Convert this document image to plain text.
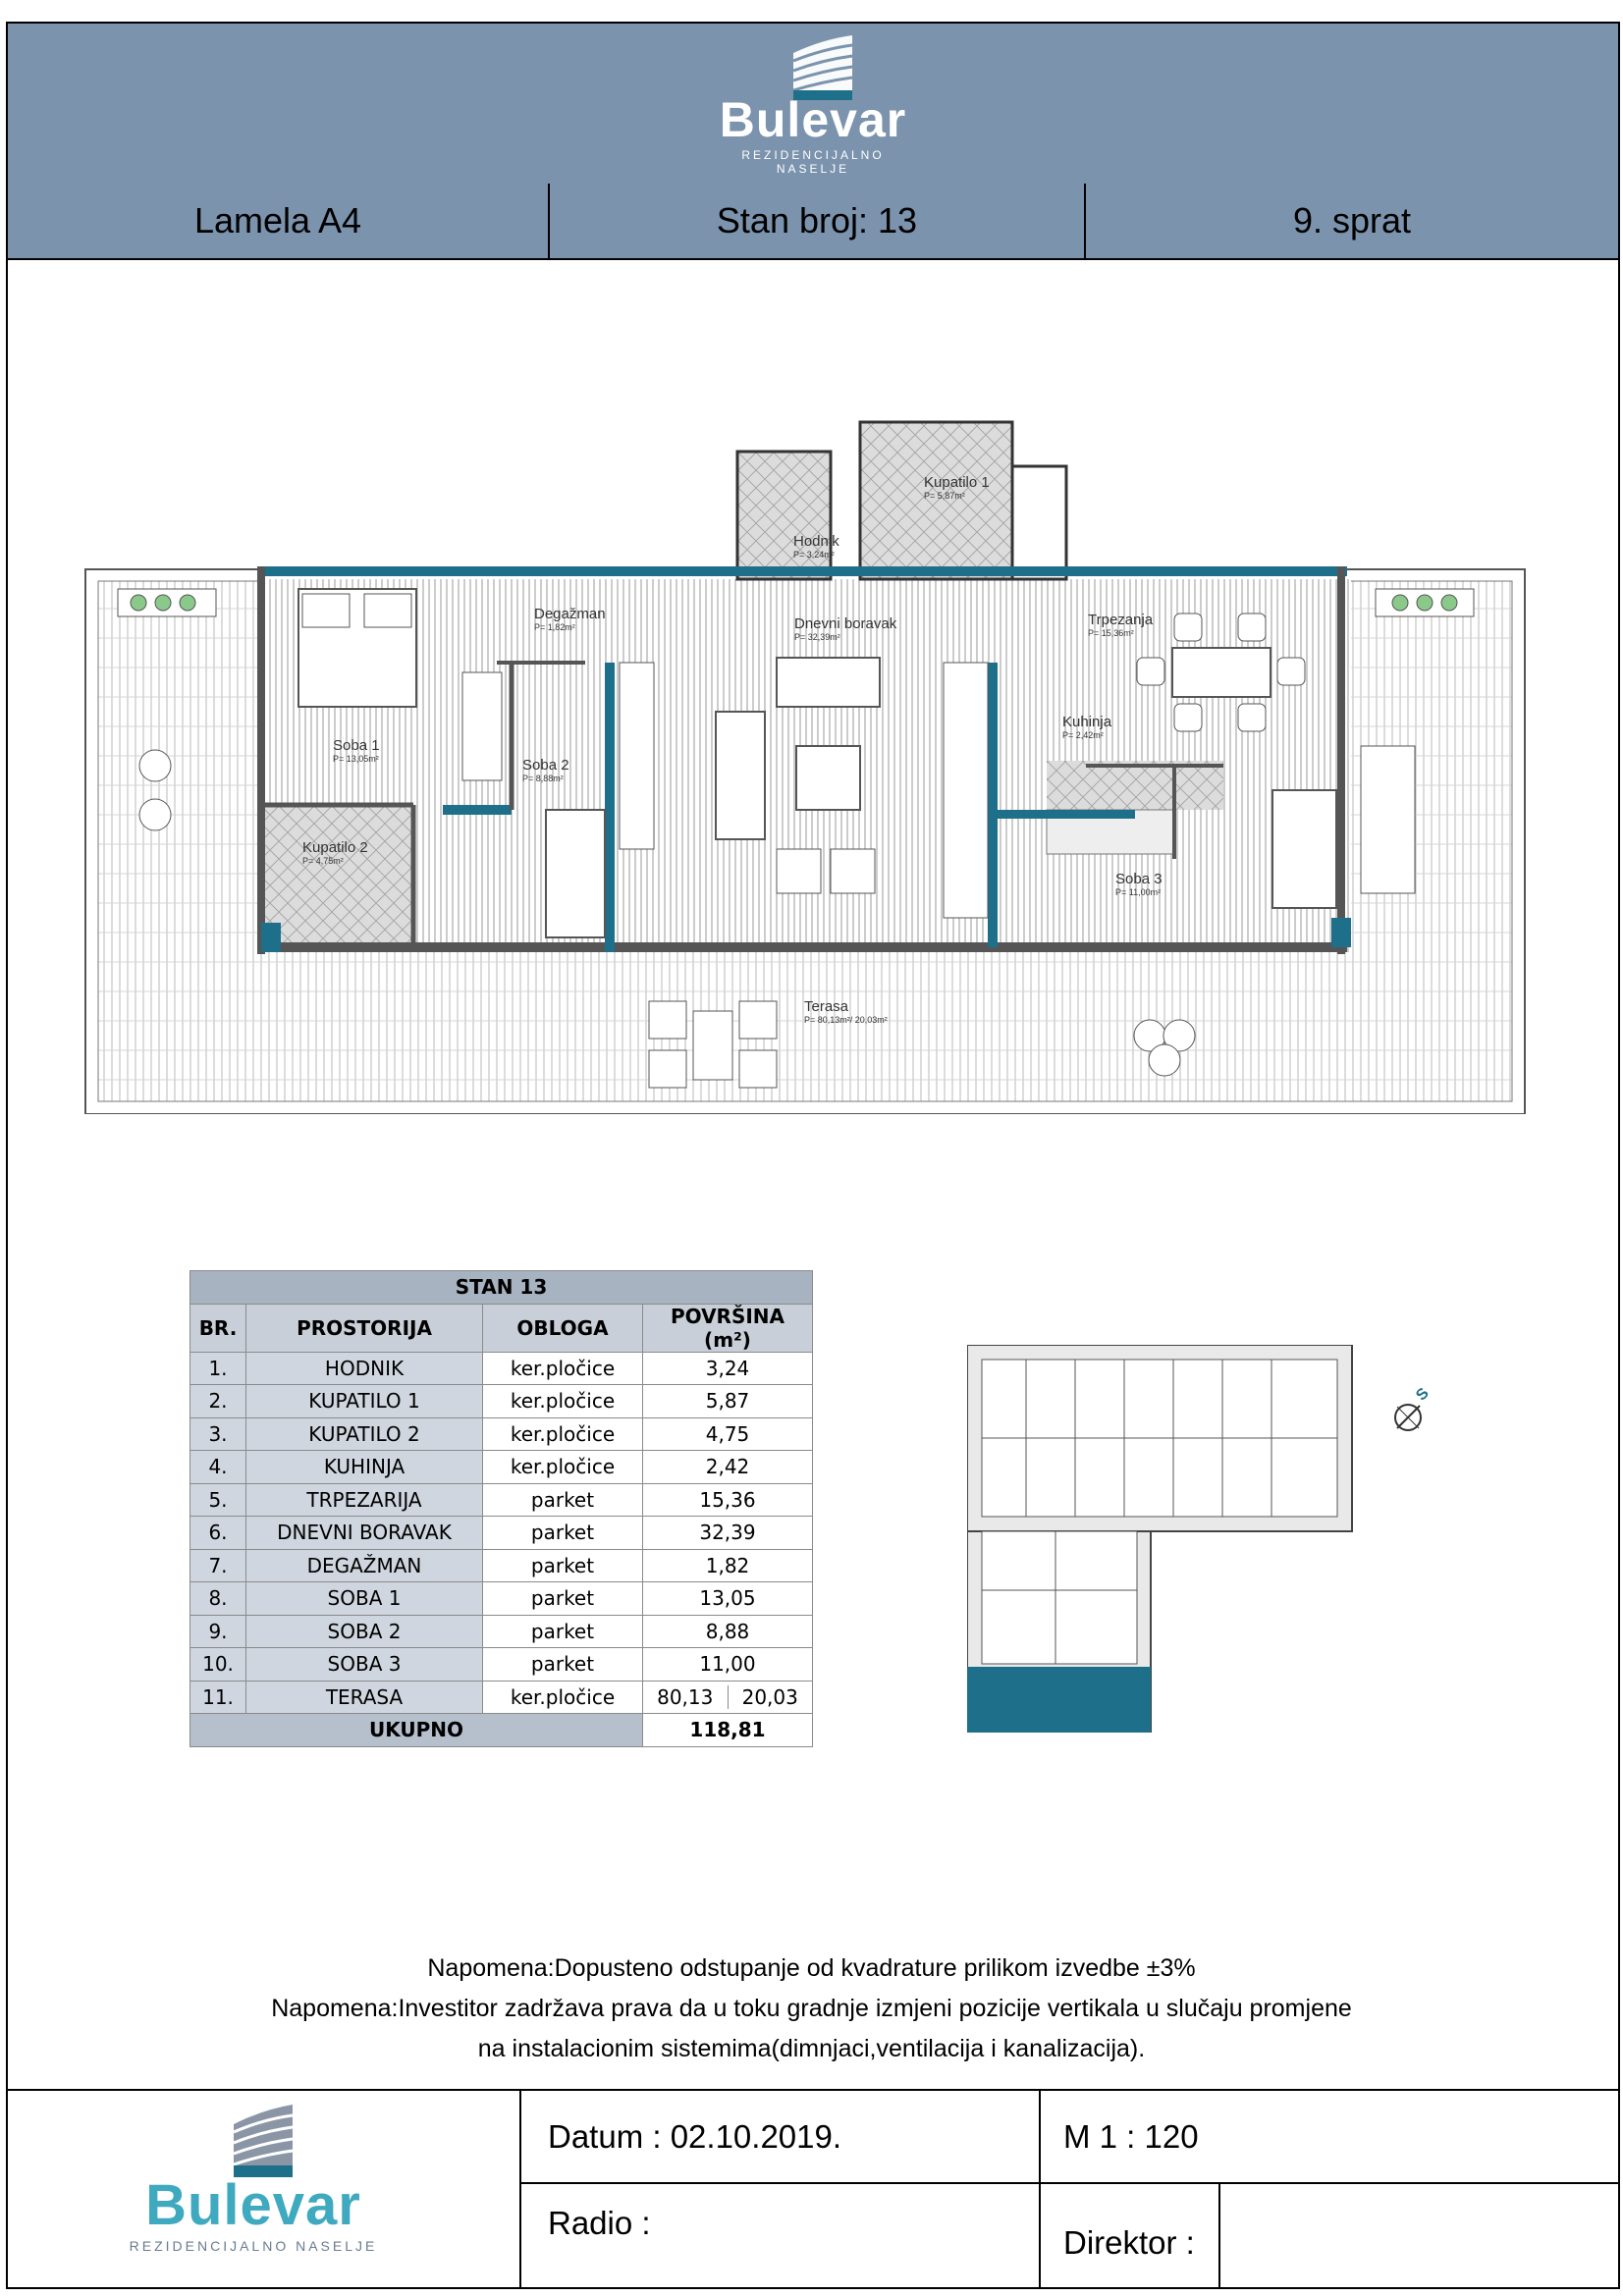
Bulevar
REZIDENCIJALNO NASELJE
Lamela A4	Stan broj: 13	9. sprat
Kupatilo 1
P= 5,87m²
Hodnik
P= 3,24m²
Degažman
P= 1,82m²	Dnevni boravak
P= 32,39m²
Trpezanja
P= 15,36m²
Kuhinja
P= 2,42m²
Soba 1
P= 13,05m²	Soba 2
P= 8,88m²
Kupatilo 2
P= 4,75m²
Soba 3
P= 11,00m²
Terasa
P= 80,13m²/ 20,03m²
STAN 13			
BR.	PROSTORIJA	OBLOGA	POVRŠINA (m²)
1.	HODNIK	ker.pločice	3,24
2.	KUPATILO 1	ker.pločice	5,87
3.	KUPATILO 2	ker.pločice	4,75
4.	KUHINJA	ker.pločice	2,42
5.	TRPEZARIJA	parket	15,36
6.	DNEVNI BORAVAK	parket	32,39
7.	DEGAŽMAN	parket	1,82
8.	SOBA 1	parket	13,05
9.	SOBA 2	parket	8,88
10.	SOBA 3	parket	11,00
11.	TERASA	ker.pločice	80,13 20,03

UKUPNO			118,81
S
Napomena:Dopusteno odstupanje od kvadrature prilikom izvedbe ±3%
Napomena:Investitor zadržava prava da u toku gradnje izmjeni pozicije vertikala u slučaju promjene
na instalacionim sistemima(dimnjaci,ventilacija i kanalizacija).
Bulevar
REZIDENCIJALNO NASELJE
Datum : 02.10.2019.	M 1 : 120
Radio :
Direktor :
